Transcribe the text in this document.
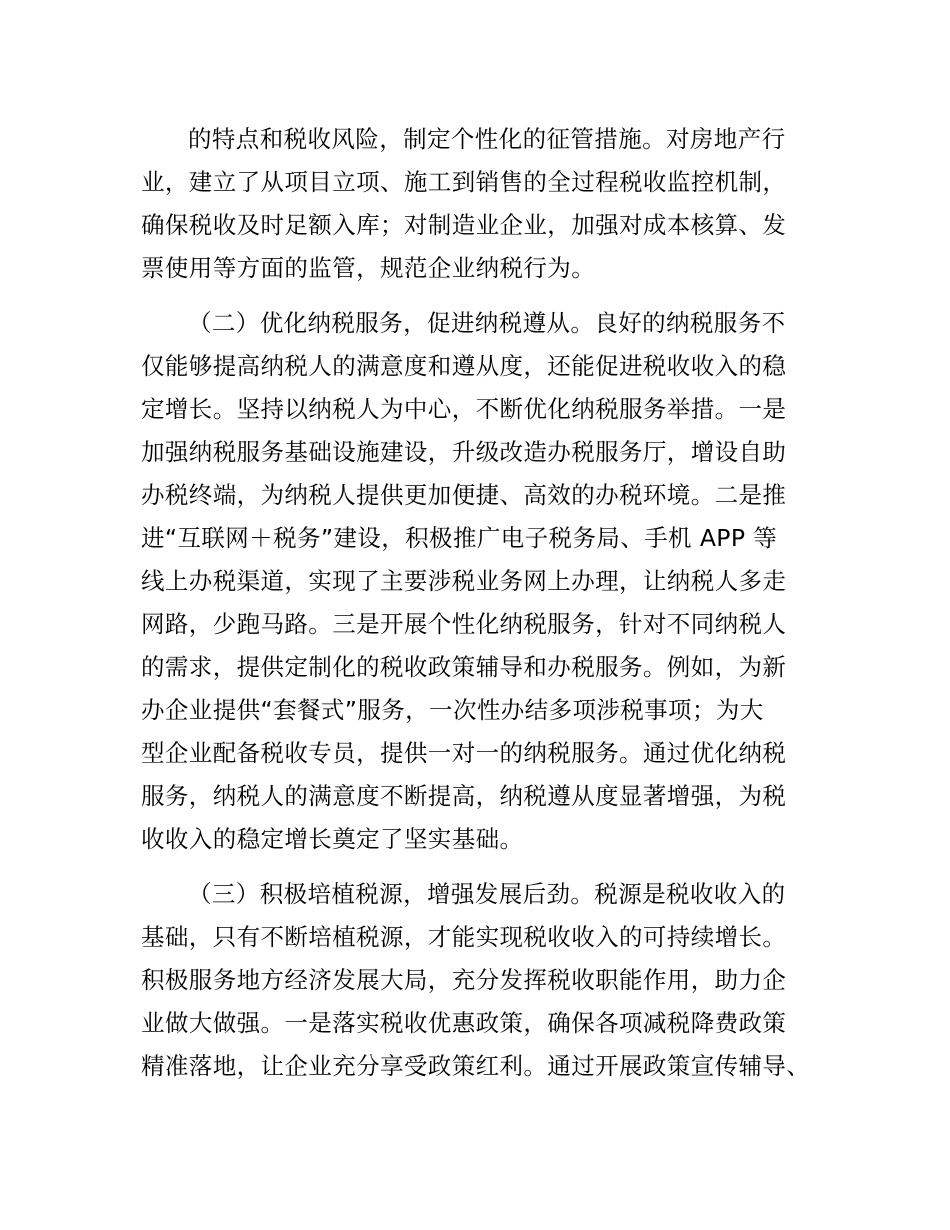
的特点和税收风险，制定个性化的征管措施。对房地产行
业，建立了从项目立项、施工到销售的全过程税收监控机制，
确保税收及时足额入库；对制造业企业，加强对成本核算、发
票使用等方面的监管，规范企业纳税行为。
（二）优化纳税服务，促进纳税遵从。良好的纳税服务不
仅能够提高纳税人的满意度和遵从度，还能促进税收收入的稳
定增长。坚持以纳税人为中心，不断优化纳税服务举措。一是
加强纳税服务基础设施建设，升级改造办税服务厅，增设自助
办税终端，为纳税人提供更加便捷、高效的办税环境。二是推
进“互联网＋税务”建设，积极推广电子税务局、手机 APP 等
线上办税渠道，实现了主要涉税业务网上办理，让纳税人多走
网路，少跑马路。三是开展个性化纳税服务，针对不同纳税人
的需求，提供定制化的税收政策辅导和办税服务。例如，为新
办企业提供“套餐式”服务，一次性办结多项涉税事项；为大
型企业配备税收专员，提供一对一的纳税服务。通过优化纳税
服务，纳税人的满意度不断提高，纳税遵从度显著增强，为税
收收入的稳定增长奠定了坚实基础。
（三）积极培植税源，增强发展后劲。税源是税收收入的
基础，只有不断培植税源，才能实现税收收入的可持续增长。
积极服务地方经济发展大局，充分发挥税收职能作用，助力企
业做大做强。一是落实税收优惠政策，确保各项减税降费政策
精准落地，让企业充分享受政策红利。通过开展政策宣传辅导、
